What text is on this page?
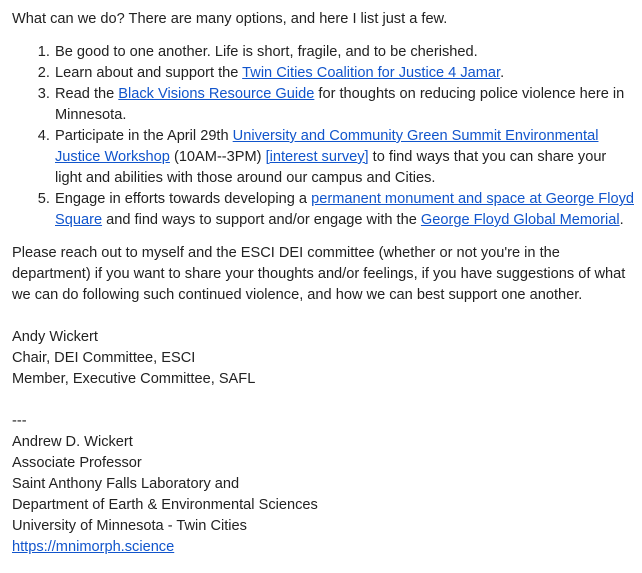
What can we do? There are many options, and here I list just a few.

1. Be good to one another. Life is short, fragile, and to be cherished.
2. Learn about and support the Twin Cities Coalition for Justice 4 Jamar.
3. Read the Black Visions Resource Guide for thoughts on reducing police violence here in Minnesota.
4. Participate in the April 29th University and Community Green Summit Environmental Justice Workshop (10AM--3PM) [interest survey] to find ways that you can share your light and abilities with those around our campus and Cities.
5. Engage in efforts towards developing a permanent monument and space at George Floyd Square and find ways to support and/or engage with the George Floyd Global Memorial.

Please reach out to myself and the ESCI DEI committee (whether or not you're in the department) if you want to share your thoughts and/or feelings, if you have suggestions of what we can do following such continued violence, and how we can best support one another.

Andy Wickert
Chair, DEI Committee, ESCI
Member, Executive Committee, SAFL
---
Andrew D. Wickert
Associate Professor
Saint Anthony Falls Laboratory and
Department of Earth & Environmental Sciences
University of Minnesota - Twin Cities
https://mnimorph.science
